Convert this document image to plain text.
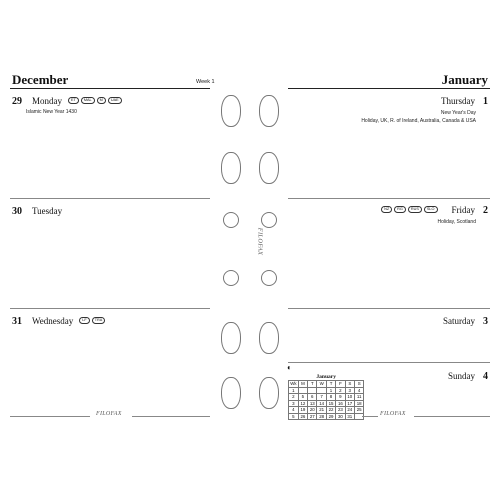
December	Week 1
29 Monday ET MAL M UAE
Islamic New Year 1430
30 Tuesday
31 Wednesday LF TRA
FILOFAX
FILOFAX
January
Thursday 1
New Year's Day
Holiday, UK, R. of Ireland, Australia, Canada & USA
NZ RG RUS SLO Friday 2
Holiday, Scotland
Saturday 3
◐
Sunday 4
January
Wk	M	T	W	T	F	S	S
1				1	2	3	4
2	5	6	7	8	9	10	11
3	12	13	14	15	16	17	18
4	19	20	21	22	23	24	25
5	26	27	28	29	30	31		FILOFAX
